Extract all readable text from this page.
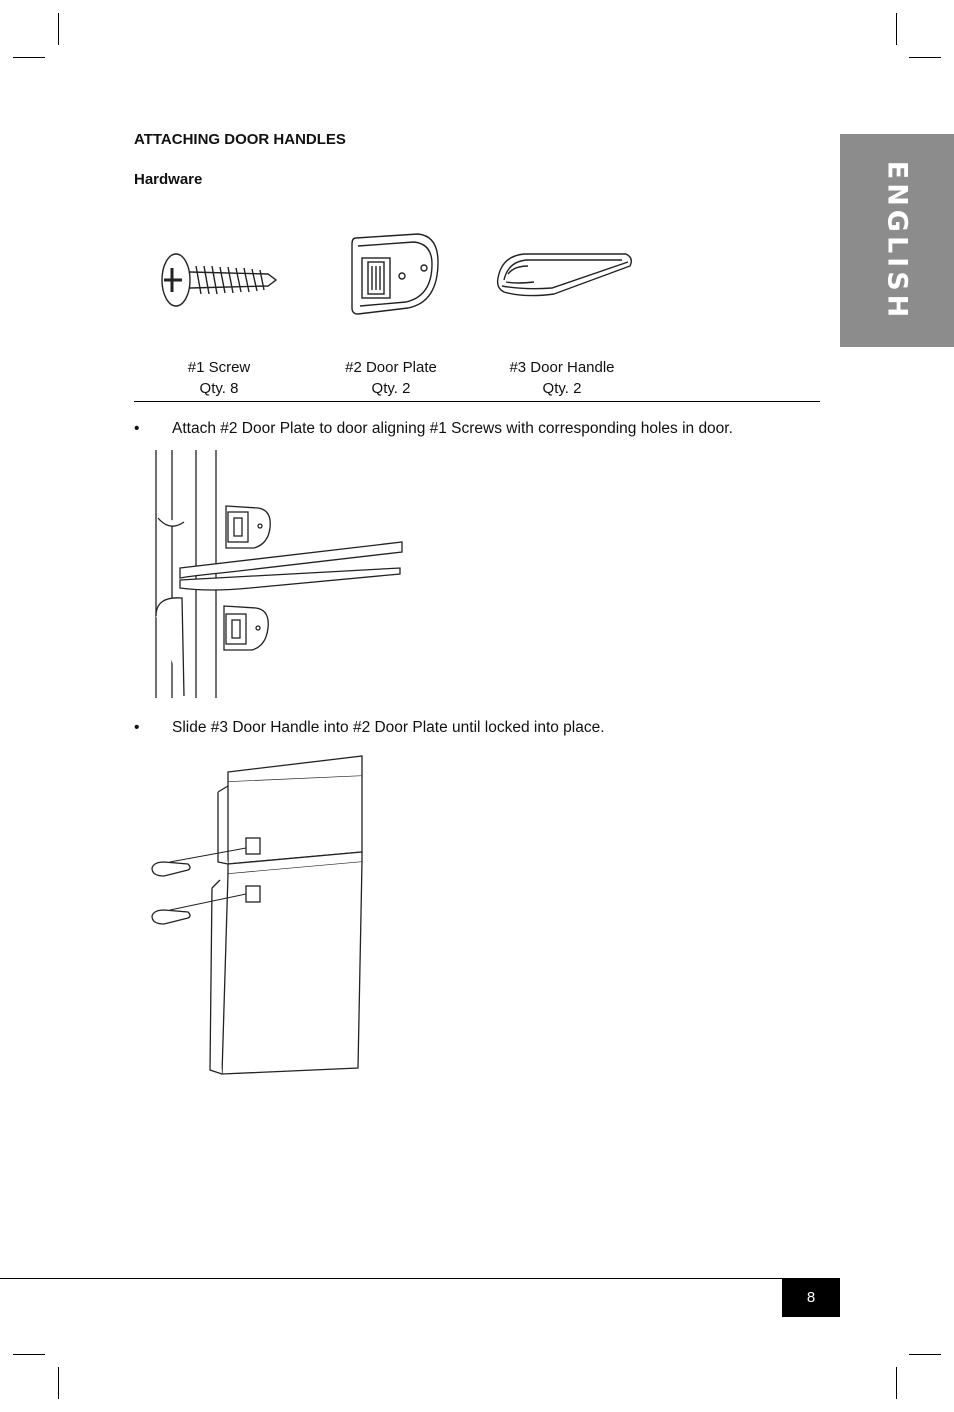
ENGLISH
ATTACHING DOOR HANDLES
Hardware
#1 Screw
Qty. 8
#2 Door Plate
Qty. 2
#3 Door Handle
Qty. 2
• Attach #2 Door Plate to door aligning #1 Screws with corresponding holes in door.
• Slide #3 Door Handle into #2 Door Plate until locked into place.
8
